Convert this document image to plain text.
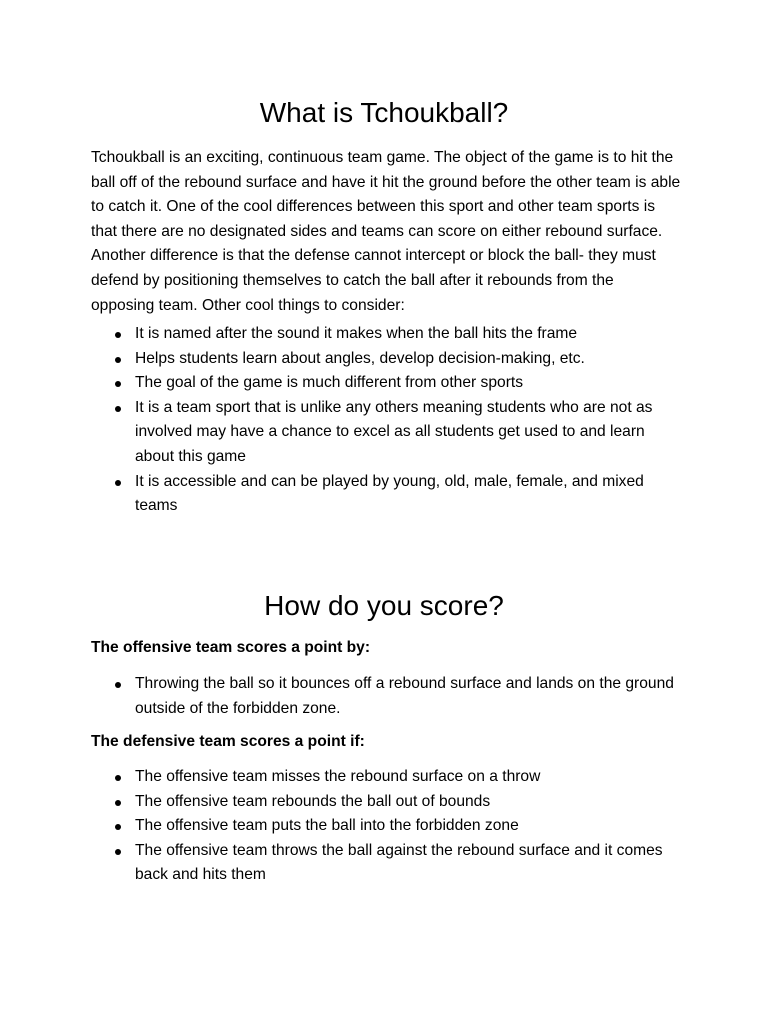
What is Tchoukball?

Tchoukball is an exciting, continuous team game. The object of the game is to hit the ball off of the rebound surface and have it hit the ground before the other team is able to catch it. One of the cool differences between this sport and other team sports is that there are no designated sides and teams can score on either rebound surface. Another difference is that the defense cannot intercept or block the ball- they must defend by positioning themselves to catch the ball after it rebounds from the opposing team. Other cool things to consider:

It is named after the sound it makes when the ball hits the frame
Helps students learn about angles, develop decision-making, etc.
The goal of the game is much different from other sports
It is a team sport that is unlike any others meaning students who are not as involved may have a chance to excel as all students get used to and learn about this game
It is accessible and can be played by young, old, male, female, and mixed teams
How do you score?

The offensive team scores a point by:

Throwing the ball so it bounces off a rebound surface and lands on the ground outside of the forbidden zone.

The defensive team scores a point if:

The offensive team misses the rebound surface on a throw
The offensive team rebounds the ball out of bounds
The offensive team puts the ball into the forbidden zone
The offensive team throws the ball against the rebound surface and it comes back and hits them
